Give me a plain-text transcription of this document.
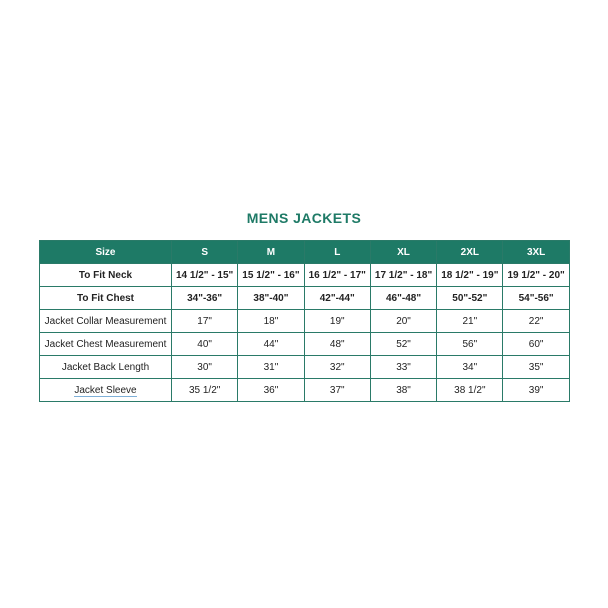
MENS JACKETS
Size	S	M	L	XL	2XL	3XL
To Fit Neck	14 1/2" - 15"	15 1/2" - 16"	16 1/2" - 17"	17 1/2" - 18"	18 1/2" - 19"	19 1/2" - 20"
To Fit Chest	34"-36"	38"-40"	42"-44"	46"-48"	50"-52"	54"-56"
Jacket Collar Measurement	17"	18"	19"	20"	21"	22"
Jacket Chest Measurement	40"	44"	48"	52"	56"	60"
Jacket Back Length	30"	31"	32"	33"	34"	35"
Jacket Sleeve	35 1/2"	36"	37"	38"	38 1/2"	39"
